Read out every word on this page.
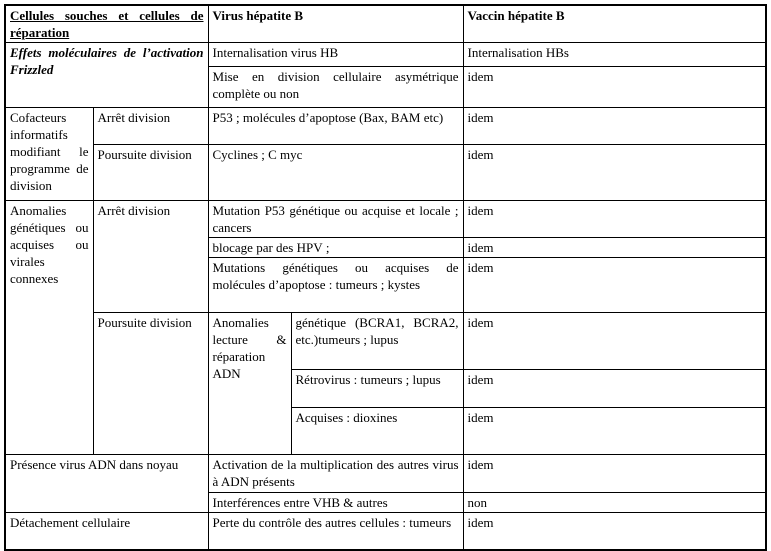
Cellules souches et cellules de réparation		Virus hépatite B		Vaccin hépatite B
Effets moléculaires de l’activation Frizzled		Internalisation virus HB		Internalisation HBs
		Mise en division cellulaire asymétrique complète ou non		idem
Cofacteurs informatifs modifiant le programme de division	Arrêt division	P53 ; molécules d’apoptose (Bax, BAM etc)		idem
	Poursuite division	Cyclines ; C myc		idem
Anomalies génétiques ou acquises ou virales connexes	Arrêt division	Mutation P53 génétique ou acquise et locale ; cancers		idem
		blocage par des HPV ;		idem
		Mutations génétiques ou acquises de molécules d’apoptose : tumeurs ; kystes		idem
	Poursuite division	Anomalies lecture & réparation ADN	génétique (BCRA1, BCRA2, etc.)tumeurs ; lupus	idem
			Rétrovirus : tumeurs ; lupus	idem
			Acquises : dioxines	idem
Présence virus ADN dans noyau		Activation de la multiplication des autres virus à ADN présents		idem
		Interférences entre VHB & autres		non
Détachement cellulaire		Perte du contrôle des autres cellules : tumeurs		idem
